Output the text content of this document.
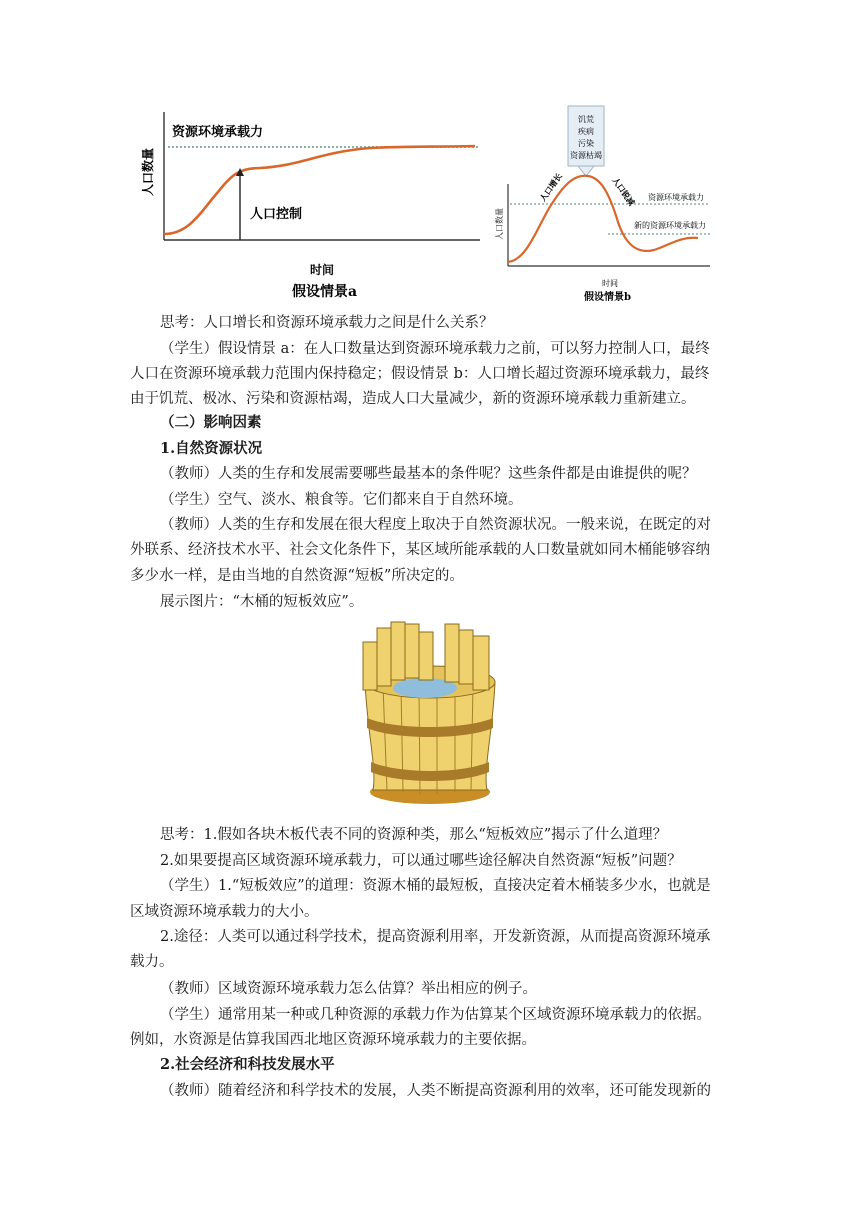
资源环境承载力
人口数量
人口控制
时间
假设情景a
饥荒
疾病
污染
资源枯竭
人口增长	人口锐减 资源环境承载力
新的资源环境承载力
人口数量
时间
假设情景b
思考：人口增长和资源环境承载力之间是什么关系？
（学生）假设情景 a：在人口数量达到资源环境承载力之前，可以努力控制人口，最终
人口在资源环境承载力范围内保持稳定；假设情景 b：人口增长超过资源环境承载力，最终
由于饥荒、极冰、污染和资源枯竭，造成人口大量减少，新的资源环境承载力重新建立。
（二）影响因素
1.自然资源状况
（教师）人类的生存和发展需要哪些最基本的条件呢？这些条件都是由谁提供的呢？
（学生）空气、淡水、粮食等。它们都来自于自然环境。
（教师）人类的生存和发展在很大程度上取决于自然资源状况。一般来说，在既定的对
外联系、经济技术水平、社会文化条件下，某区域所能承载的人口数量就如同木桶能够容纳
多少水一样，是由当地的自然资源“短板”所决定的。
展示图片：“木桶的短板效应”。
思考：1.假如各块木板代表不同的资源种类，那么“短板效应”揭示了什么道理？
2.如果要提高区域资源环境承载力，可以通过哪些途径解决自然资源“短板”问题？
（学生）1.“短板效应”的道理：资源木桶的最短板，直接决定着木桶装多少水，也就是
区域资源环境承载力的大小。
2.途径：人类可以通过科学技术，提高资源利用率，开发新资源，从而提高资源环境承
载力。
（教师）区域资源环境承载力怎么估算？举出相应的例子。
（学生）通常用某一种或几种资源的承载力作为估算某个区域资源环境承载力的依据。
例如，水资源是估算我国西北地区资源环境承载力的主要依据。
2.社会经济和科技发展水平
（教师）随着经济和科学技术的发展，人类不断提高资源利用的效率，还可能发现新的
